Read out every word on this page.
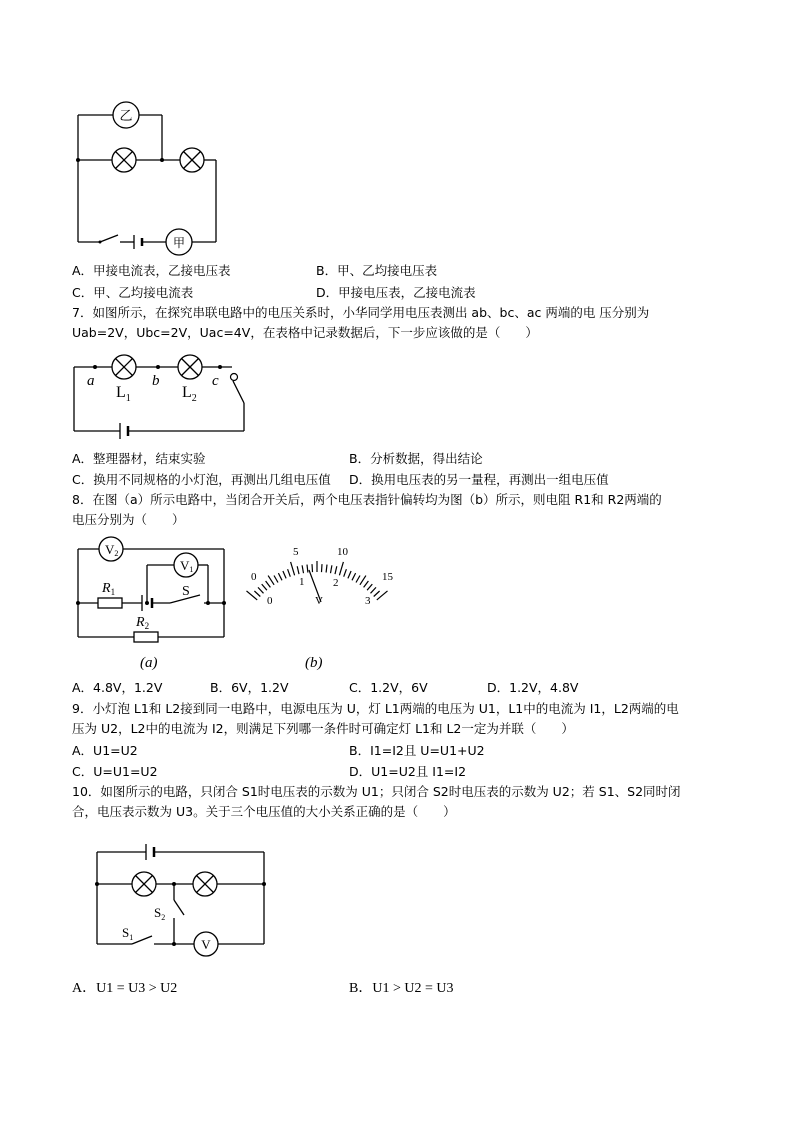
乙
甲
A．甲接电流表，乙接电压表	B．甲、乙均接电压表
C．甲、乙均接电流表	D．甲接电压表，乙接电流表
7．如图所示，在探究串联电路中的电压关系时，小华同学用电压表测出 ab、bc、ac 两端的电 压分别为
Uab=2V，Ubc=2V，Uac=4V，在表格中记录数据后，下一步应该做的是（　　）
a	b	c
$L_1$	$L_2$
A．整理器材，结束实验	B．分析数据，得出结论
C．换用不同规格的小灯泡，再测出几组电压值 D．换用电压表的另一量程，再测出一组电压值
8．在图（a）所示电路中，当闭合开关后，两个电压表指针偏转均为图（b）所示，则电阻 R1和 R2两端的
电压分别为（　　）
V2
V1
$R_1$
$R_2$
S
(a)
0
5	10
15
0
1	2
3
V
(b)
A．4.8V，1.2V	B．6V，1.2V	C．1.2V，6V	D．1.2V，4.8V
9．小灯泡 L1和 L2接到同一电路中，电源电压为 U，灯 L1两端的电压为 U1，L1中的电流为 I1，L2两端的电
压为 U2，L2中的电流为 I2，则满足下列哪一条件时可确定灯 L1和 L2一定为并联（　　）
A．U1=U2	B．I1=I2且 U=U1+U2
C．U=U1=U2	D．U1=U2且 I1=I2
10．如图所示的电路，只闭合 S1时电压表的示数为 U1；只闭合 S2时电压表的示数为 U2；若 S1、S2同时闭
合，电压表示数为 U3。关于三个电压值的大小关系正确的是（　　）
V
$S_2$
$S_1$
A．U1 = U3 > U2	B．U1 > U2 = U3
